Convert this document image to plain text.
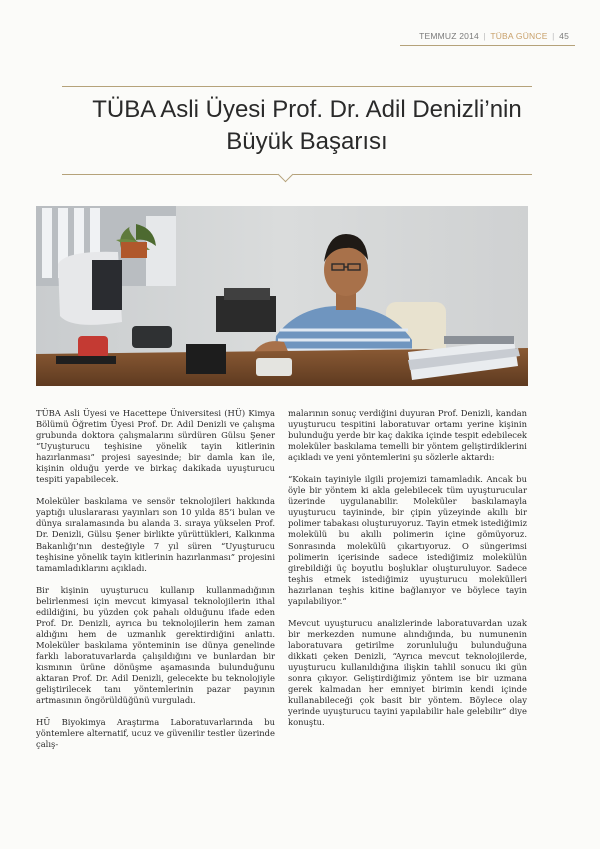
TEMMUZ 2014 | TÜBA GÜNCE | 45
TÜBA Asli Üyesi Prof. Dr. Adil Denizli’nin
Büyük Başarısı

TÜBA Asli Üyesi ve Hacettepe Üniversitesi (HÜ) Kimya Bölümü Öğretim Üyesi Prof. Dr. Adil Denizli ve çalışma grubunda doktora çalışmalarını sürdüren Gülsu Şener “Uyuşturucu teşhisine yönelik tayin kitlerinin hazırlanması” projesi sayesinde; bir damla kan ile, kişinin olduğu yerde ve birkaç dakikada uyuşturucu tespiti yapabilecek.

Moleküler baskılama ve sensör teknolojileri hakkında yaptığı uluslararası yayınları son 10 yılda 85’i bulan ve dünya sıralamasında bu alanda 3. sıraya yükselen Prof. Dr. Denizli, Gülsu Şener birlikte yürüttükleri, Kalkınma Bakanlığı’nın desteğiyle 7 yıl süren “Uyuşturucu teşhisine yönelik tayin kitlerinin hazırlanması” projesini tamamladıklarını açıkladı.

Bir kişinin uyuşturucu kullanıp kullanmadığının belirlenmesi için mevcut kimyasal teknolojilerin ithal edildiğini, bu yüzden çok pahalı olduğunu ifade eden Prof. Dr. Denizli, ayrıca bu teknolojilerin hem zaman aldığını hem de uzmanlık gerektirdiğini anlattı. Moleküler baskılama yönteminin ise dünya genelinde farklı laboratuvarlarda çalışıldığını ve bunlardan bir kısmının ürüne dönüşme aşamasında bulunduğunu aktaran Prof. Dr. Adil Denizli, gelecekte bu teknolojiyle geliştirilecek tanı yöntemlerinin pazar payının artmasının öngörüldüğünü vurguladı.

HÜ Biyokimya Araştırma Laboratuvarlarında bu yöntemlere alternatif, ucuz ve güvenilir testler üzerinde çalış-

malarının sonuç verdiğini duyuran Prof. Denizli, kandan uyuşturucu tespitini laboratuvar ortamı yerine kişinin bulunduğu yerde bir kaç dakika içinde tespit edebilecek moleküler baskılama temelli bir yöntem geliştirdiklerini açıkladı ve yeni yöntemlerini şu sözlerle aktardı:

“Kokain tayiniyle ilgili projemizi tamamladık. Ancak bu öyle bir yöntem ki akla gelebilecek tüm uyuşturucular üzerinde uygulanabilir. Moleküler baskılamayla uyuşturucu tayininde, bir çipin yüzeyinde akıllı bir polimer tabakası oluşturuyoruz. Tayin etmek istediğimiz molekülü bu akıllı polimerin içine gömüyoruz. Sonrasında molekülü çıkartıyoruz. O süngerimsi polimerin içerisinde sadece istediğimiz molekülün girebildiği üç boyutlu boşluklar oluşturuluyor. Sadece teşhis etmek istediğimiz uyuşturucu molekülleri hazırlanan teşhis kitine bağlanıyor ve böylece tayin yapılabiliyor.”

Mevcut uyuşturucu analizlerinde laboratuvardan uzak bir merkezden numune alındığında, bu numunenin laboratuvara getirilme zorunluluğu bulunduğuna dikkati çeken Denizli, “Ayrıca mevcut teknolojilerde, uyuşturucu kullanıldığına ilişkin tahlil sonucu iki gün sonra çıkıyor. Geliştirdiğimiz yöntem ise bir uzmana gerek kalmadan her emniyet birimin kendi içinde kullanabileceği çok basit bir yöntem. Böylece olay yerinde uyuşturucu tayini yapılabilir hale gelebilir” diye konuştu.
